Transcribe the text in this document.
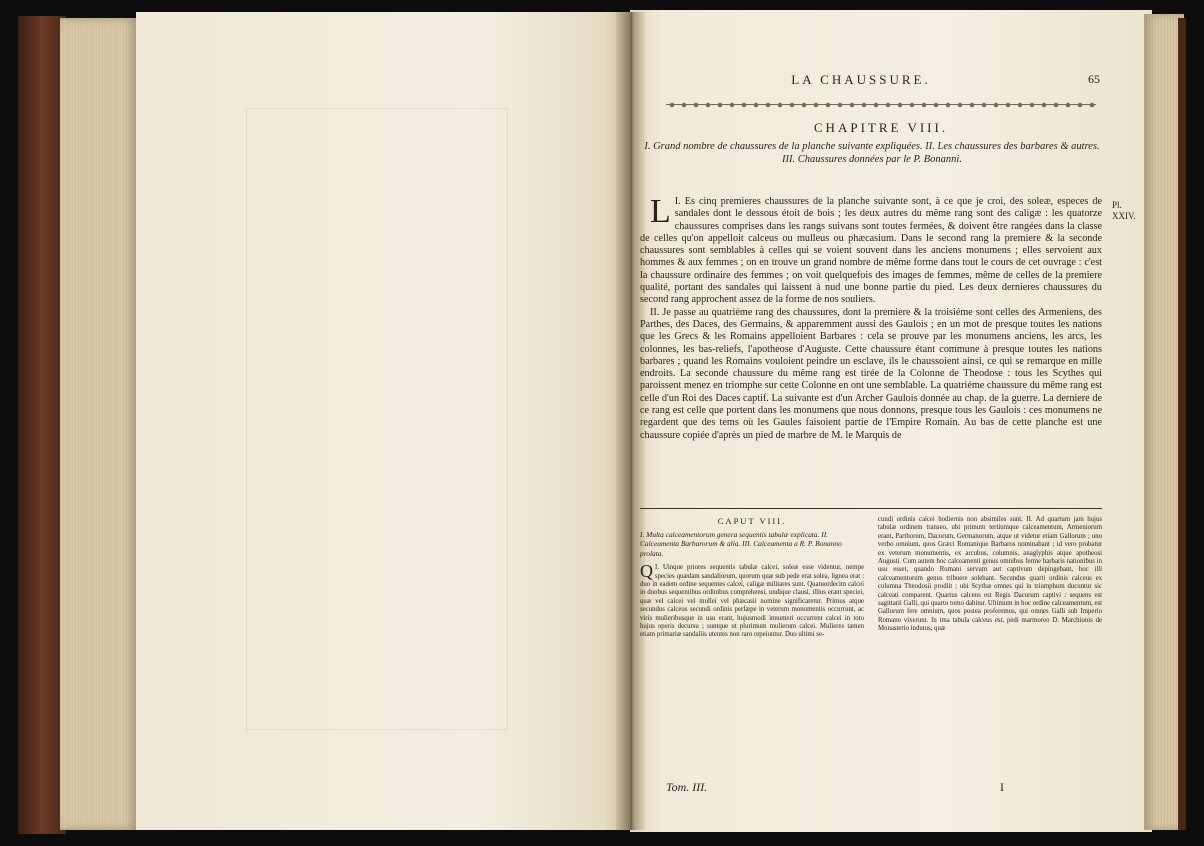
LA CHAUSSURE.	65
CHAPITRE VIII.
I. Grand nombre de chaussures de la planche suivante expliquées. II. Les chaussures des barbares & autres. III. Chaussures données par le P. Bonanni.
Pl.
XXIV.

L I. Es cinq premieres chaussures de la planche suivante sont, à ce que je croi, des soleæ, especes de sandales dont le dessous étoit de bois ; les deux autres du même rang sont des caligæ : les quatorze chaussures comprises dans les rangs suivans sont toutes fermées, & doivent être rangées dans la classe de celles qu'on appelloit calceus ou mulleus ou phæcasium. Dans le second rang la premiere & la seconde chaussures sont semblables à celles qui se voient souvent dans les anciens monumens ; elles servoient aux hommes & aux femmes ; on en trouve un grand nombre de même forme dans tout le cours de cet ouvrage : c'est la chaussure ordinaire des femmes ; on voit quelquefois des images de femmes, même de celles de la premiere qualité, portant des sandales qui laissent à nud une bonne partie du pied. Les deux dernieres chaussures du second rang approchent assez de la forme de nos souliers.

II. Je passe au quatriéme rang des chaussures, dont la premiere & la troisiéme sont celles des Armeniens, des Parthes, des Daces, des Germains, & apparemment aussi des Gaulois ; en un mot de presque toutes les nations que les Grecs & les Romains appelloient Barbares : cela se prouve par les monumens anciens, les arcs, les colonnes, les bas-reliefs, l'apotheose d'Auguste. Cette chaussure étant commune à presque toutes les nations barbares ; quand les Romains vouloient peindre un esclave, ils le chaussoient ainsi, ce qui se remarque en mille endroits. La seconde chaussure du même rang est tirée de la Colonne de Theodose : tous les Scythes qui paroissent menez en triomphe sur cette Colonne en ont une semblable. La quatriéme chaussure du même rang est celle d'un Roi des Daces captif. La suivante est d'un Archer Gaulois donnée au chap. de la guerre. La derniere de ce rang est celle que portent dans les monumens que nous donnons, presque tous les Gaulois : ces monumens ne regardent que des tems où les Gaules faisoient partie de l'Empire Romain. Au bas de cette planche est une chaussure copiée d'après un pied de marbre de M. le Marquis de

CAPUT VIII.
I. Multa calceamentorum genera sequentis tabulæ explicata. II. Calceamenta Barbarorum & alia. III. Calceamenta a R. P. Bonanno prolata.

Q I. Uinque priores sequentis tabulæ calcei, soleæ esse videntur, nempe species quædam sandaliorum, quorum quæ sub pede erat solea, lignea erat : duo in eadem ordine sequentes calcei, caligæ militares sunt. Quatuordecim calcei in duobus sequentibus ordinibus comprehensi, undique clausi, illius erant speciei, quæ vel calcei vel mullei vel phæcasii nomine significaretur. Primus atque secundus calceus secundi ordinis perfæpe in veterum monumentis occurrunt, ac viris mulieribusque in usu erant, hujusmodi innumeri occurrent calcei in toto hujus operis decursu ; suntque ut plurimum mulierum calcei. Mulieres tamen etiam primariæ sandaliis utentes non raro repeiuntur. Duo ultimi se-

cundi ordinis calcei hodiernis non absimiles sunt. II. Ad quartum jam hujus tabulæ ordinem transeo, ubi primum tertiumque calceamentum, Armeniorum erant, Parthorum, Dacorum, Germanorum, atque ut videtur etiam Gallorum ; uno verbo omnium, quos Græci Romanique Barbaros nominabant ; id vero probatur ex veterum monumentis, ex arcubus, columnis, anaglyphis atque apotheosi Augusti. Cum autem hoc calceamenti genus omnibus ferme barbaris nationibus in usu esset, quando Romani servum aut captivum depingebant, hoc illi calceamentorum genus tribuere solebant. Secundus quarti ordinis calceus ex columna Theodosii prodiit ; ubi Scythæ omnes qui in triumphum ducuntur sic calceati comparent. Quartus calceus est Regis Dacorum captivi : sequens est sagittarii Galli, qui quarto tomo dabitur. Ultimum in hoc ordine calceamentum, est Gallorum fere omnium, quos postea proferemus, qui omnes Galli sub Imperio Romano vixerunt. In ima tabula calceus est, pedi marmoreo D. Marchionis de Monasterio indutus, quæ
Tom. III.	I
